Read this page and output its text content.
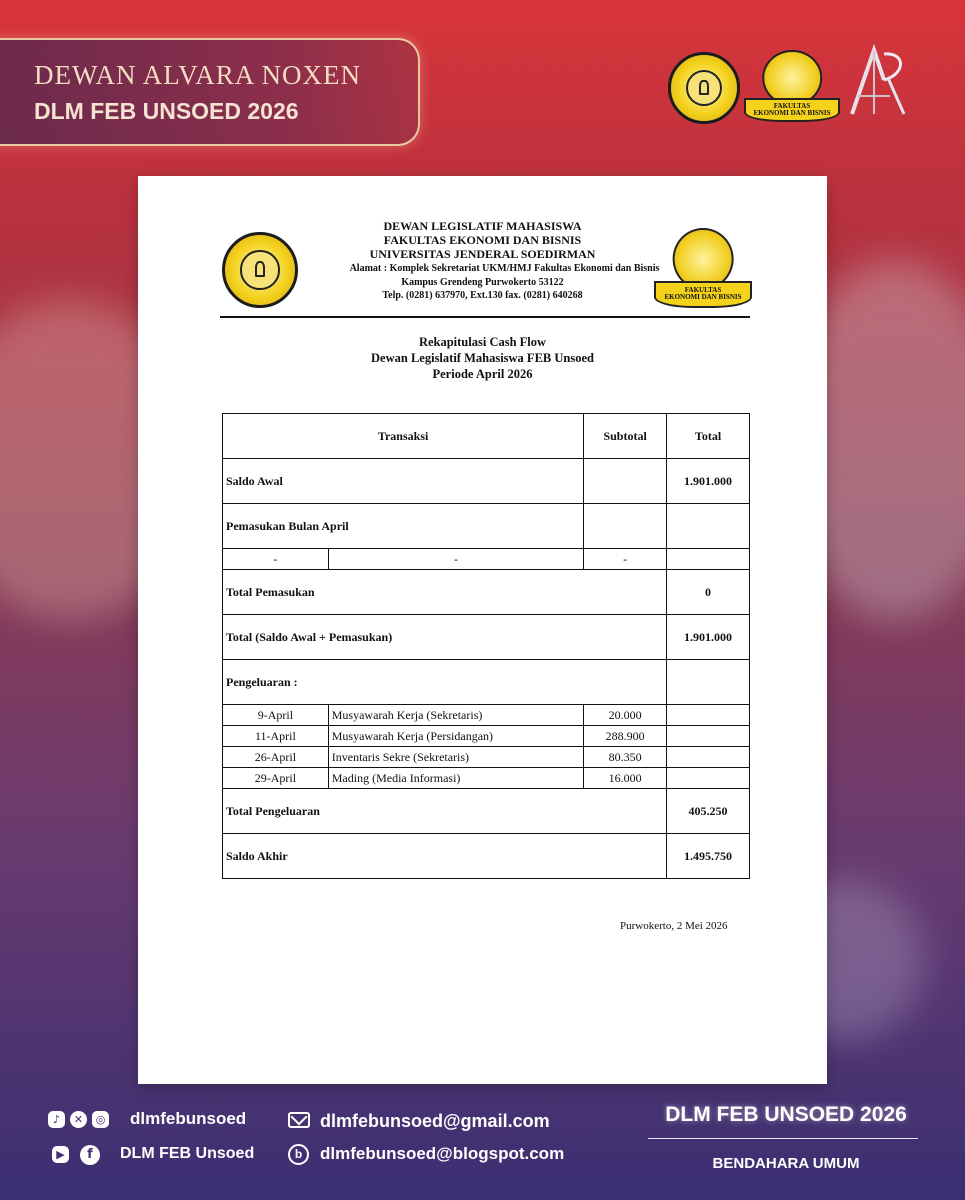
DEWAN ALVARA NOXEN
DLM FEB UNSOED 2026	FAKULTAS
EKONOMI DAN BISNIS
FAKULTAS
EKONOMI DAN BISNIS
DEWAN LEGISLATIF MAHASISWA
FAKULTAS EKONOMI DAN BISNIS
UNIVERSITAS JENDERAL SOEDIRMAN
Alamat : Komplek Sekretariat UKM/HMJ Fakultas Ekonomi dan Bisnis
Kampus Grendeng Purwokerto 53122
Telp. (0281) 637970, Ext.130 fax. (0281) 640268
Rekapitulasi Cash Flow
Dewan Legislatif Mahasiswa FEB Unsoed
Periode April 2026
Transaksi		Subtotal	Total
Saldo Awal			1.901.000
Pemasukan Bulan April			
-	-	-	
Total Pemasukan			0
Total (Saldo Awal + Pemasukan)			1.901.000
Pengeluaran :			
9-April	Musyawarah Kerja (Sekretaris)	20.000	
11-April	Musyawarah Kerja (Persidangan)	288.900	
26-April	Inventaris Sekre (Sekretaris)	80.350	
29-April	Mading (Media Informasi)	16.000	
Total Pengeluaran			405.250
Saldo Akhir			1.495.750
Purwokerto, 2 Mei 2026
♪	✕	◎ dlmfebunsoed
▶	f	DLM FEB Unsoed
dlmfebunsoed@gmail.com
b	dlmfebunsoed@blogspot.com
DLM FEB UNSOED 2026
BENDAHARA UMUM
